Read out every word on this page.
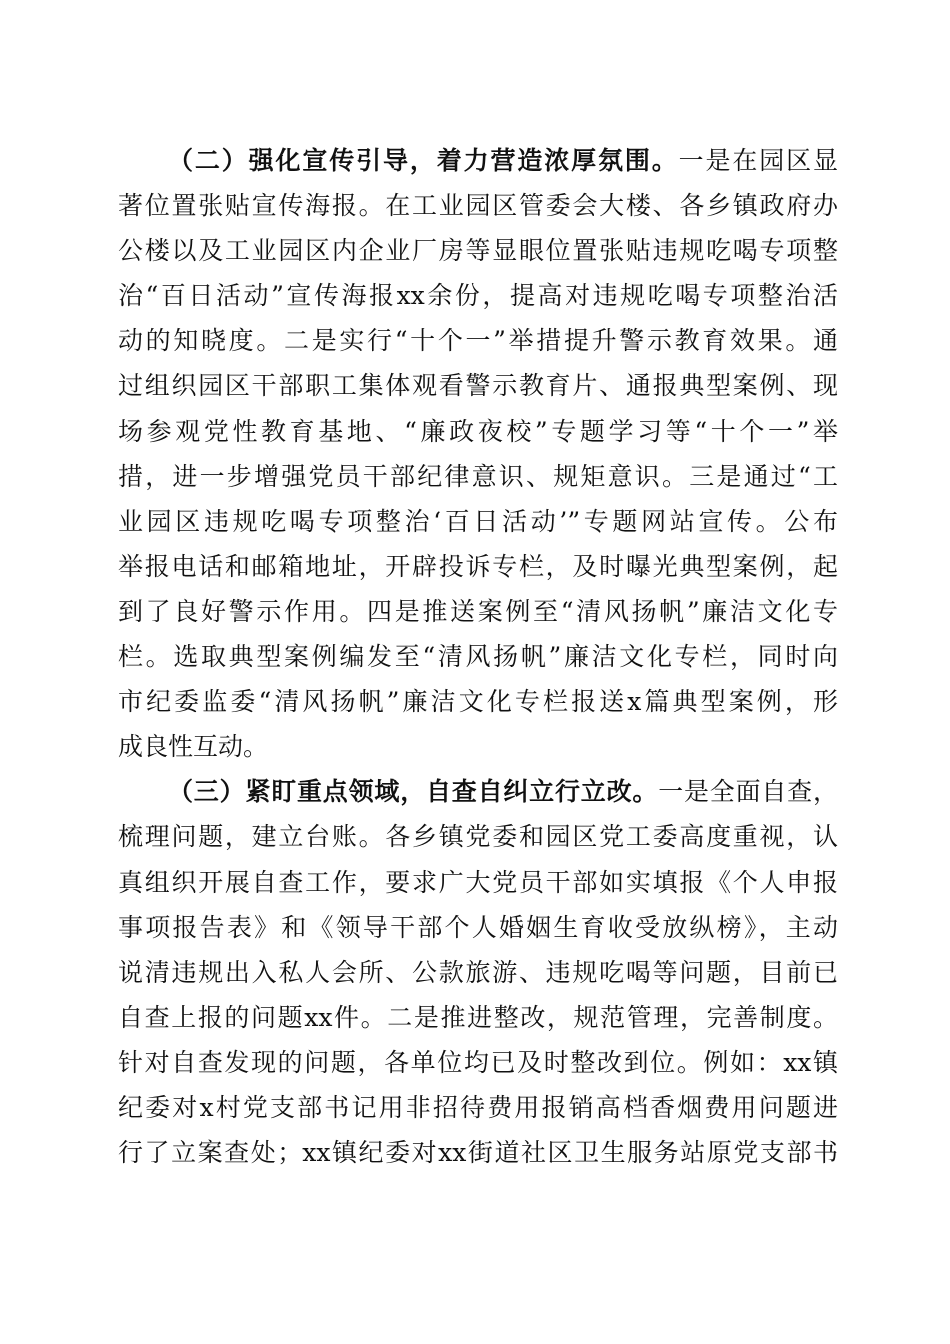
（二）强化宣传引导，着力营造浓厚氛围。一是在园区显
著位置张贴宣传海报。在工业园区管委会大楼、各乡镇政府办
公楼以及工业园区内企业厂房等显眼位置张贴违规吃喝专项整
治“百日活动”宣传海报xx余份，提高对违规吃喝专项整治活
动的知晓度。二是实行“十个一”举措提升警示教育效果。通
过组织园区干部职工集体观看警示教育片、通报典型案例、现
场参观党性教育基地、“廉政夜校”专题学习等“十个一”举
措，进一步增强党员干部纪律意识、规矩意识。三是通过“工
业园区违规吃喝专项整治‘百日活动’”专题网站宣传。公布
举报电话和邮箱地址，开辟投诉专栏，及时曝光典型案例，起
到了良好警示作用。四是推送案例至“清风扬帆”廉洁文化专
栏。选取典型案例编发至“清风扬帆”廉洁文化专栏，同时向
市纪委监委“清风扬帆”廉洁文化专栏报送x篇典型案例，形
成良性互动。
（三）紧盯重点领域，自查自纠立行立改。一是全面自查，
梳理问题，建立台账。各乡镇党委和园区党工委高度重视，认
真组织开展自查工作，要求广大党员干部如实填报《个人申报
事项报告表》和《领导干部个人婚姻生育收受放纵榜》，主动
说清违规出入私人会所、公款旅游、违规吃喝等问题，目前已
自查上报的问题xx件。二是推进整改，规范管理，完善制度。
针对自查发现的问题，各单位均已及时整改到位。例如：xx镇
纪委对x村党支部书记用非招待费用报销高档香烟费用问题进
行了立案查处；xx镇纪委对xx街道社区卫生服务站原党支部书
